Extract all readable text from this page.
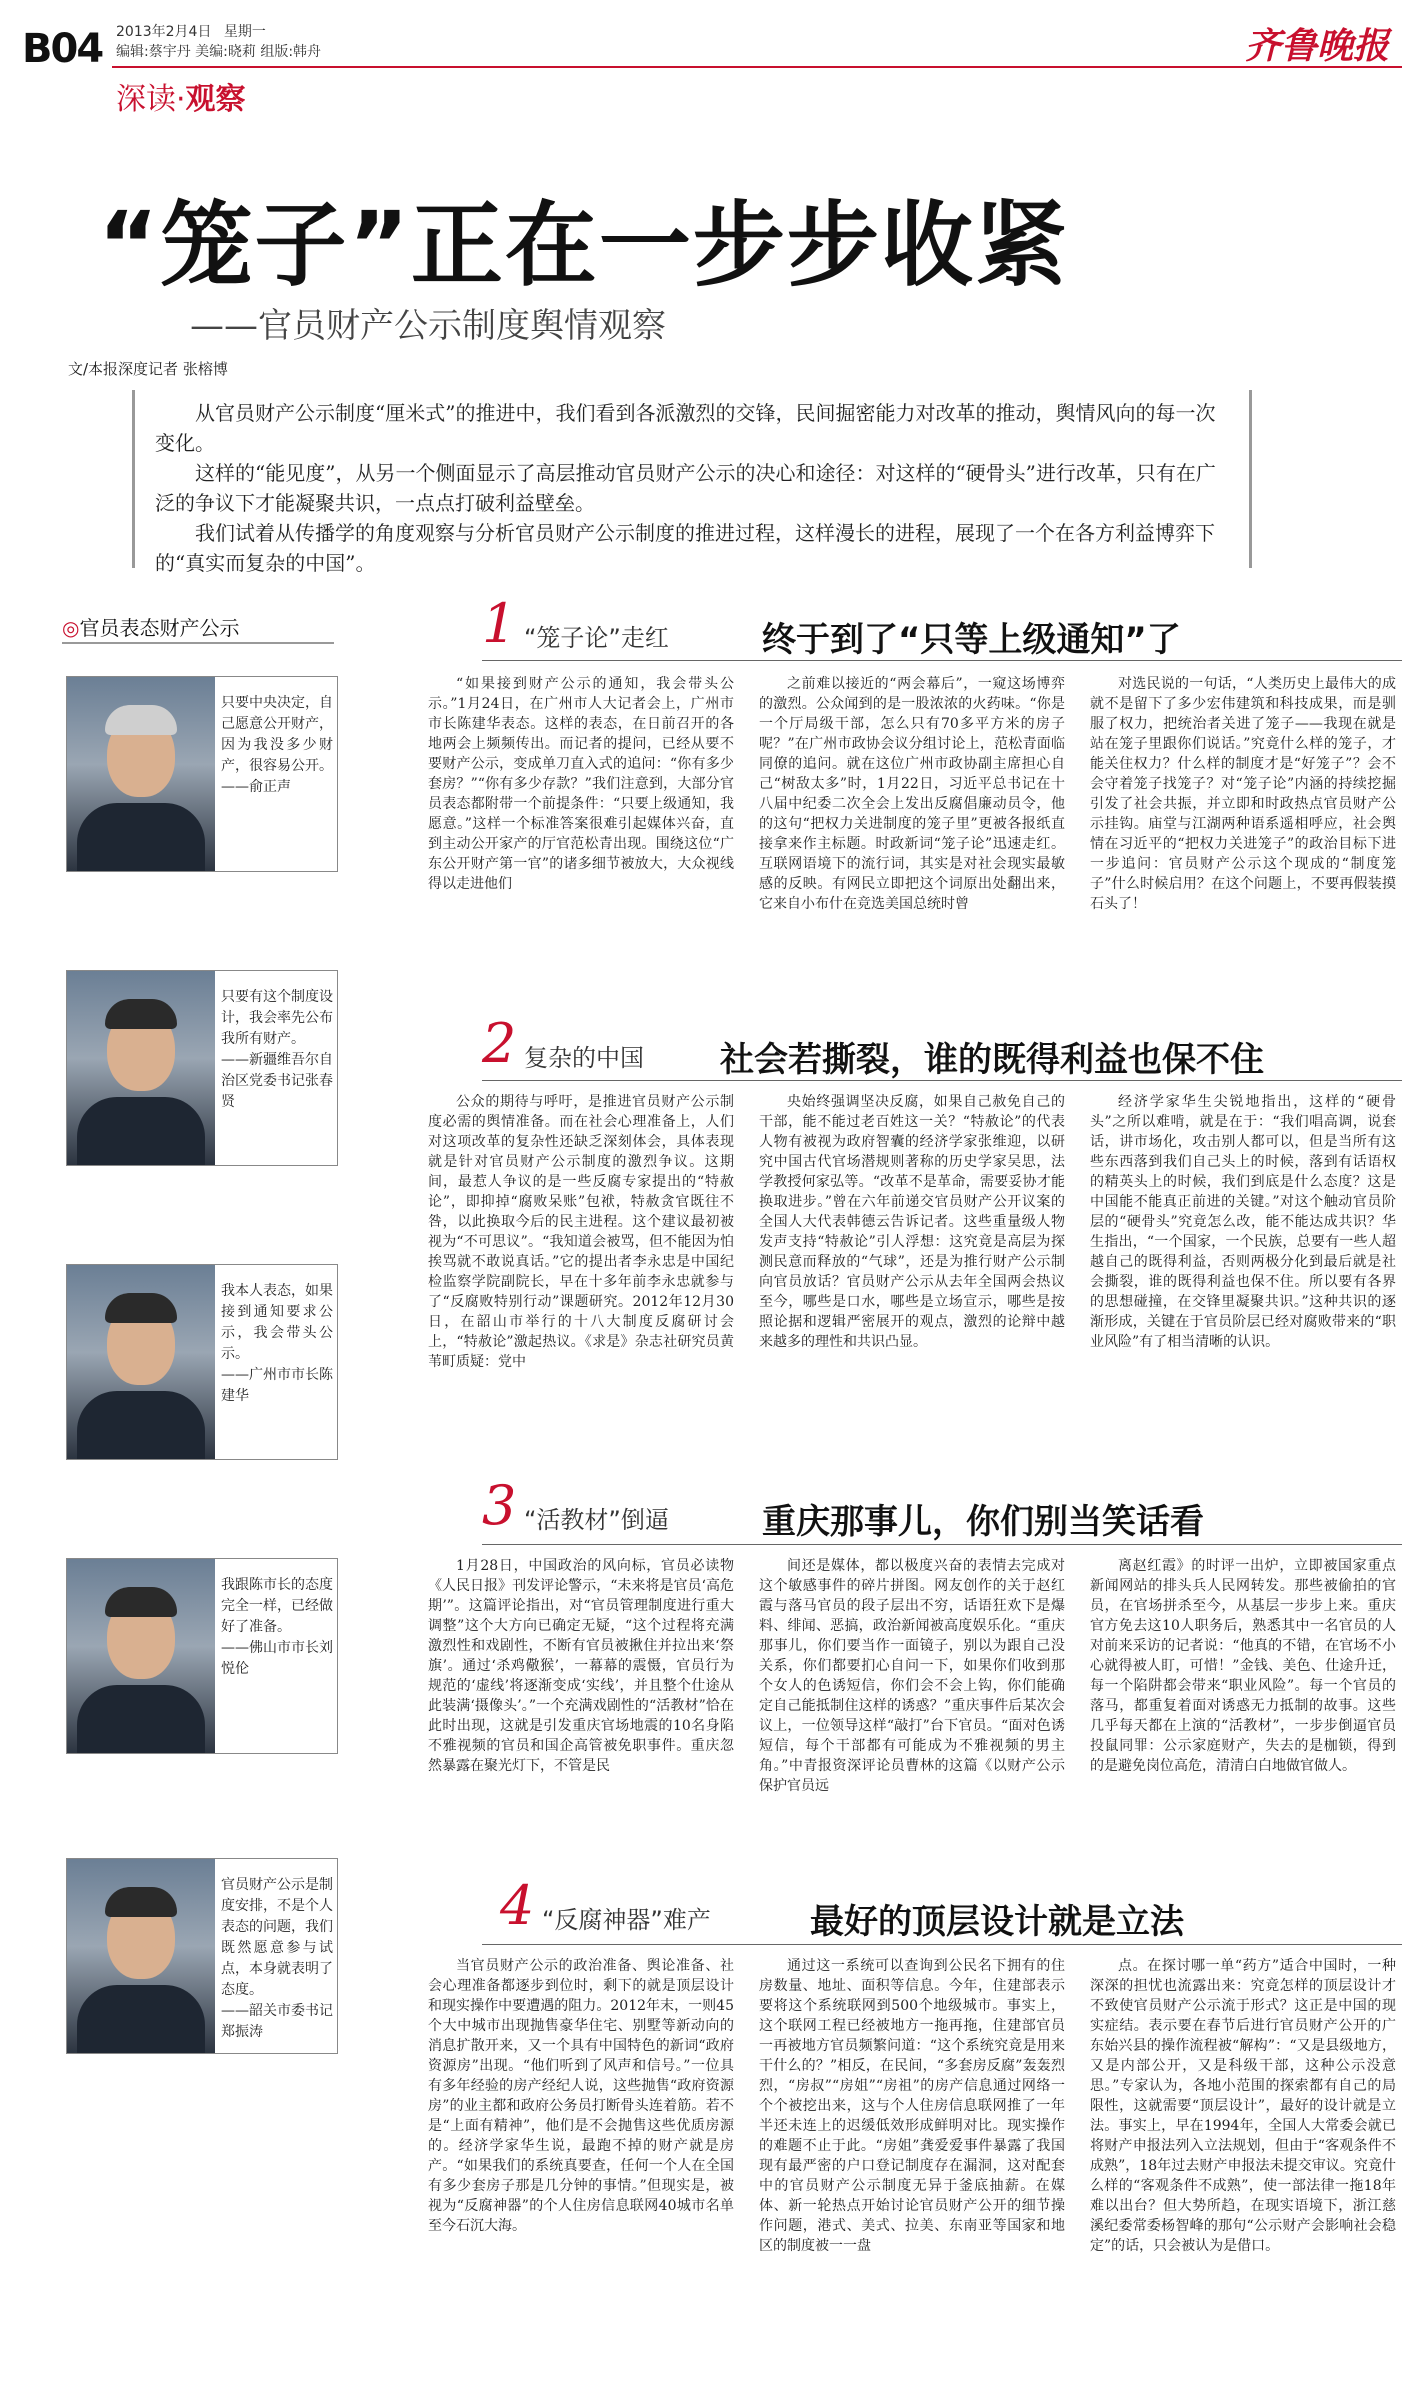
B04 2013年2月4日 星期一
编辑:蔡宇丹 美编:晓莉 组版:韩舟
深读·观察
齐鲁晚报
“笼子”正在一步步收紧
——官员财产公示制度舆情观察
文/本报深度记者 张榕博

从官员财产公示制度“厘米式”的推进中，我们看到各派激烈的交锋，民间掘密能力对改革的推动，舆情风向的每一次变化。

这样的“能见度”，从另一个侧面显示了高层推动官员财产公示的决心和途径：对这样的“硬骨头”进行改革，只有在广泛的争议下才能凝聚共识，一点点打破利益壁垒。

我们试着从传播学的角度观察与分析官员财产公示制度的推进过程，这样漫长的进程，展现了一个在各方利益博弈下的“真实而复杂的中国”。

◎官员表态财产公示
只要中央决定，自己愿意公开财产，因为我没多少财产，很容易公开。
——俞正声
只要有这个制度设计，我会率先公布我所有财产。
——新疆维吾尔自治区党委书记张春贤
我本人表态，如果接到通知要求公示，我会带头公示。
——广州市市长陈建华
我跟陈市长的态度完全一样，已经做好了准备。
——佛山市市长刘悦伦
官员财产公示是制度安排，不是个人表态的问题，我们既然愿意参与试点，本身就表明了态度。
——韶关市委书记郑振涛
1 “笼子论”走红	终于到了“只等上级通知”了

“如果接到财产公示的通知，我会带头公示。”1月24日，在广州市人大记者会上，广州市市长陈建华表态。这样的表态，在日前召开的各地两会上频频传出。而记者的提问，已经从要不要财产公示，变成单刀直入式的追问：“你有多少套房？”“你有多少存款？”我们注意到，大部分官员表态都附带一个前提条件：“只要上级通知，我愿意。”这样一个标准答案很难引起媒体兴奋，直到主动公开家产的厅官范松青出现。围绕这位“广东公开财产第一官”的诸多细节被放大，大众视线得以走进他们

之前难以接近的“两会幕后”，一窥这场博弈的激烈。公众闻到的是一股浓浓的火药味。“你是一个厅局级干部，怎么只有70多平方米的房子呢？”在广州市政协会议分组讨论上，范松青面临同僚的追问。就在这位广州市政协副主席担心自己“树敌太多”时，1月22日，习近平总书记在十八届中纪委二次全会上发出反腐倡廉动员令，他的这句“把权力关进制度的笼子里”更被各报纸直接拿来作主标题。时政新词“笼子论”迅速走红。互联网语境下的流行词，其实是对社会现实最敏感的反映。有网民立即把这个词原出处翻出来，它来自小布什在竞选美国总统时曾

对选民说的一句话，“人类历史上最伟大的成就不是留下了多少宏伟建筑和科技成果，而是驯服了权力，把统治者关进了笼子——我现在就是站在笼子里跟你们说话。”究竟什么样的笼子，才能关住权力？什么样的制度才是“好笼子”？会不会守着笼子找笼子？对“笼子论”内涵的持续挖掘引发了社会共振，并立即和时政热点官员财产公示挂钩。庙堂与江湖两种语系遥相呼应，社会舆情在习近平的“把权力关进笼子”的政治目标下进一步追问：官员财产公示这个现成的“制度笼子”什么时候启用？在这个问题上，不要再假装摸石头了！

2 复杂的中国 社会若撕裂，谁的既得利益也保不住

公众的期待与呼吁，是推进官员财产公示制度必需的舆情准备。而在社会心理准备上，人们对这项改革的复杂性还缺乏深刻体会，具体表现就是针对官员财产公示制度的激烈争议。这期间，最惹人争议的是一些反腐专家提出的“特赦论”，即抑掉“腐败呆账”包袱，特赦贪官既往不咎，以此换取今后的民主进程。这个建议最初被视为“不可思议”。“我知道会被骂，但不能因为怕挨骂就不敢说真话。”它的提出者李永忠是中国纪检监察学院副院长，早在十多年前李永忠就参与了“反腐败特别行动”课题研究。2012年12月30日，在韶山市举行的十八大制度反腐研讨会上，“特赦论”激起热议。《求是》杂志社研究员黄苇町质疑：党中

央始终强调坚决反腐，如果自己赦免自己的干部，能不能过老百姓这一关？“特赦论”的代表人物有被视为政府智囊的经济学家张维迎，以研究中国古代官场潜规则著称的历史学家吴思，法学教授何家弘等。“改革不是革命，需要妥协才能换取进步。”曾在六年前递交官员财产公开议案的全国人大代表韩德云告诉记者。这些重量级人物发声支持“特赦论”引人浮想：这究竟是高层为探测民意而释放的“气球”，还是为推行财产公示制向官员放话？官员财产公示从去年全国两会热议至今，哪些是口水，哪些是立场宣示，哪些是按照论据和逻辑严密展开的观点，激烈的论辩中越来越多的理性和共识凸显。

经济学家华生尖锐地指出，这样的“硬骨头”之所以难啃，就是在于：“我们唱高调，说套话，讲市场化，攻击别人都可以，但是当所有这些东西落到我们自己头上的时候，落到有话语权的精英头上的时候，我们到底是什么态度？这是中国能不能真正前进的关键。”对这个触动官员阶层的“硬骨头”究竟怎么改，能不能达成共识？华生指出，“一个国家，一个民族，总要有一些人超越自己的既得利益，否则两极分化到最后就是社会撕裂，谁的既得利益也保不住。所以要有各界的思想碰撞，在交锋里凝聚共识。”这种共识的逐渐形成，关键在于官员阶层已经对腐败带来的“职业风险”有了相当清晰的认识。

3 “活教材”倒逼	重庆那事儿，你们别当笑话看

1月28日，中国政治的风向标，官员必读物《人民日报》刊发评论警示，“未来将是官员‘高危期’”。这篇评论指出，对“官员管理制度进行重大调整”这个大方向已确定无疑，“这个过程将充满激烈性和戏剧性，不断有官员被揪住并拉出来‘祭旗’。通过‘杀鸡儆猴’，一幕幕的震慑，官员行为规范的‘虚线’将逐渐变成‘实线’，并且整个仕途从此装满‘摄像头’。”一个充满戏剧性的“活教材”恰在此时出现，这就是引发重庆官场地震的10名身陷不雅视频的官员和国企高管被免职事件。重庆忽然暴露在聚光灯下，不管是民

间还是媒体，都以极度兴奋的表情去完成对这个敏感事件的碎片拼图。网友创作的关于赵红霞与落马官员的段子层出不穷，话语狂欢下是爆料、绯闻、恶搞，政治新闻被高度娱乐化。“重庆那事儿，你们要当作一面镜子，别以为跟自己没关系，你们都要扪心自问一下，如果你们收到那个女人的色诱短信，你们会不会上钩，你们能确定自己能抵制住这样的诱惑？”重庆事件后某次会议上，一位领导这样“敲打”台下官员。“面对色诱短信，每个干部都有可能成为不雅视频的男主角。”中青报资深评论员曹林的这篇《以财产公示保护官员远

离赵红霞》的时评一出炉，立即被国家重点新闻网站的排头兵人民网转发。那些被偷拍的官员，在官场拼杀至今，从基层一步步上来。重庆官方免去这10人职务后，熟悉其中一名官员的人对前来采访的记者说：“他真的不错，在官场不小心就得被人盯，可惜！”金钱、美色、仕途升迁，每一个陷阱都会带来“职业风险”。每一个官员的落马，都重复着面对诱惑无力抵制的故事。这些几乎每天都在上演的“活教材”，一步步倒逼官员投鼠同罪：公示家庭财产，失去的是枷锁，得到的是避免岗位高危，清清白白地做官做人。

4 “反腐神器”难产	最好的顶层设计就是立法

当官员财产公示的政治准备、舆论准备、社会心理准备都逐步到位时，剩下的就是顶层设计和现实操作中要遭遇的阻力。2012年末，一则45个大中城市出现抛售豪华住宅、别墅等新动向的消息扩散开来，又一个具有中国特色的新词“政府资源房”出现。“他们听到了风声和信号。”一位具有多年经验的房产经纪人说，这些抛售“政府资源房”的业主都和政府公务员打断骨头连着筋。若不是“上面有精神”，他们是不会抛售这些优质房源的。经济学家华生说，最跑不掉的财产就是房产。“如果我们的系统真要查，任何一个人在全国有多少套房子那是几分钟的事情。”但现实是，被视为“反腐神器”的个人住房信息联网40城市名单至今石沉大海。

通过这一系统可以查询到公民名下拥有的住房数量、地址、面积等信息。今年，住建部表示要将这个系统联网到500个地级城市。事实上，这个联网工程已经被地方一拖再拖，住建部官员一再被地方官员频繁问道：“这个系统究竟是用来干什么的？”相反，在民间，“多套房反腐”轰轰烈烈，“房叔”“房姐”“房祖”的房产信息通过网络一个个被挖出来，这与个人住房信息联网推了一年半还未连上的迟缓低效形成鲜明对比。现实操作的难题不止于此。“房姐”龚爱爱事件暴露了我国现有最严密的户口登记制度存在漏洞，这对配套中的官员财产公示制度无异于釜底抽薪。在媒体、新一轮热点开始讨论官员财产公开的细节操作问题，港式、美式、拉美、东南亚等国家和地区的制度被一一盘

点。在探讨哪一单“药方”适合中国时，一种深深的担忧也流露出来：究竟怎样的顶层设计才不致使官员财产公示流于形式？这正是中国的现实症结。表示要在春节后进行官员财产公开的广东始兴县的操作流程被“解构”：“又是县级地方，又是内部公开，又是科级干部，这种公示没意思。”专家认为，各地小范围的探索都有自己的局限性，这就需要“顶层设计”，最好的设计就是立法。事实上，早在1994年，全国人大常委会就已将财产申报法列入立法规划，但由于“客观条件不成熟”，18年过去财产申报法未提交审议。究竟什么样的“客观条件不成熟”，使一部法律一拖18年难以出台？但大势所趋，在现实语境下，浙江慈溪纪委常委杨智峰的那句“公示财产会影响社会稳定”的话，只会被认为是借口。
